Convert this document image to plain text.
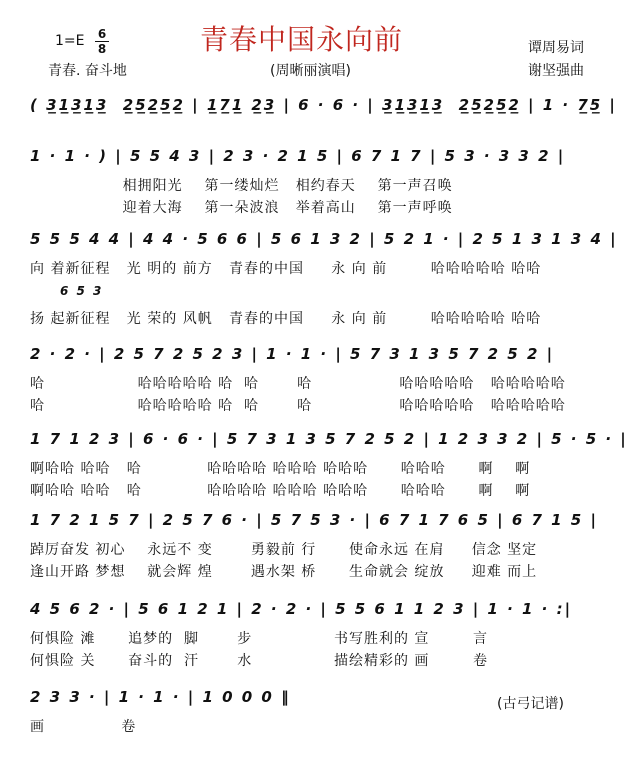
1=E 6
8	青春中国永向前
青春. 奋斗地	(周晰丽演唱)
谭周易词
谢坚强曲
( 3̲1̲3̲1̲3̲  2̲5̲2̲5̲2̲ | 1̲7̲1̲ 2̲3̲ | 6 · 6 · | 3̲1̲3̲1̲3̲  2̲5̲2̲5̲2̲ | 1 · 7̲5̲ |
1 · 1 · ) | 5 5 4 3 | 2 3 · 2 1 5 | 6 7 1 7 | 5 3 · 3 3 2 |
相拥阳光    第一缕灿烂   相约春天    第一声召唤
迎着大海    第一朵波浪   举着高山    第一声呼唤
5 5 5 4 4 | 4 4 · 5 6 6 | 5 6 1 3 2 | 5 2 1 · | 2 5 1 3 1 3 4 |
向 着新征程   光 明的 前方   青春的中国     永 向 前        哈哈哈哈哈 哈哈
6 5 3
扬 起新征程   光 荣的 风帆   青春的中国     永 向 前        哈哈哈哈哈 哈哈
2 · 2 · | 2 5 7 2 5 2 3 | 1 · 1 · | 5 7 3 1 3 5 7 2 5 2 |
哈                 哈哈哈哈哈 哈  哈       哈                哈哈哈哈哈   哈哈哈哈哈
哈                 哈哈哈哈哈 哈  哈       哈                哈哈哈哈哈   哈哈哈哈哈
1 7 1 2 3 | 6 · 6 · | 5 7 3 1 3 5 7 2 5 2 | 1 2 3 3 2 | 5 · 5 · |
啊哈哈 哈哈   哈            哈哈哈哈 哈哈哈 哈哈哈      哈哈哈      啊    啊
啊哈哈 哈哈   哈            哈哈哈哈 哈哈哈 哈哈哈      哈哈哈      啊    啊
1 7 2 1 5 7 | 2 5 7 6 · | 5 7 5 3 · | 6 7 1 7 6 5 | 6 7 1 5 |
踔厉奋发 初心    永远不 变       勇毅前 行      使命永远 在肩     信念 坚定
逢山开路 梦想    就会辉 煌       遇水架 桥      生命就会 绽放     迎难 而上
4 5 6 2 · | 5 6 1 2 1 | 2 · 2 · | 5 5 6 1 1 2 3 | 1 · 1 · :|
何惧险 滩      追梦的  脚       步               书写胜利的 宣        言
何惧险 关      奋斗的  汗       水               描绘精彩的 画        卷
2 3 3 · | 1 · 1 · | 1 0 0 0 ‖
画              卷
(古弓记谱)
